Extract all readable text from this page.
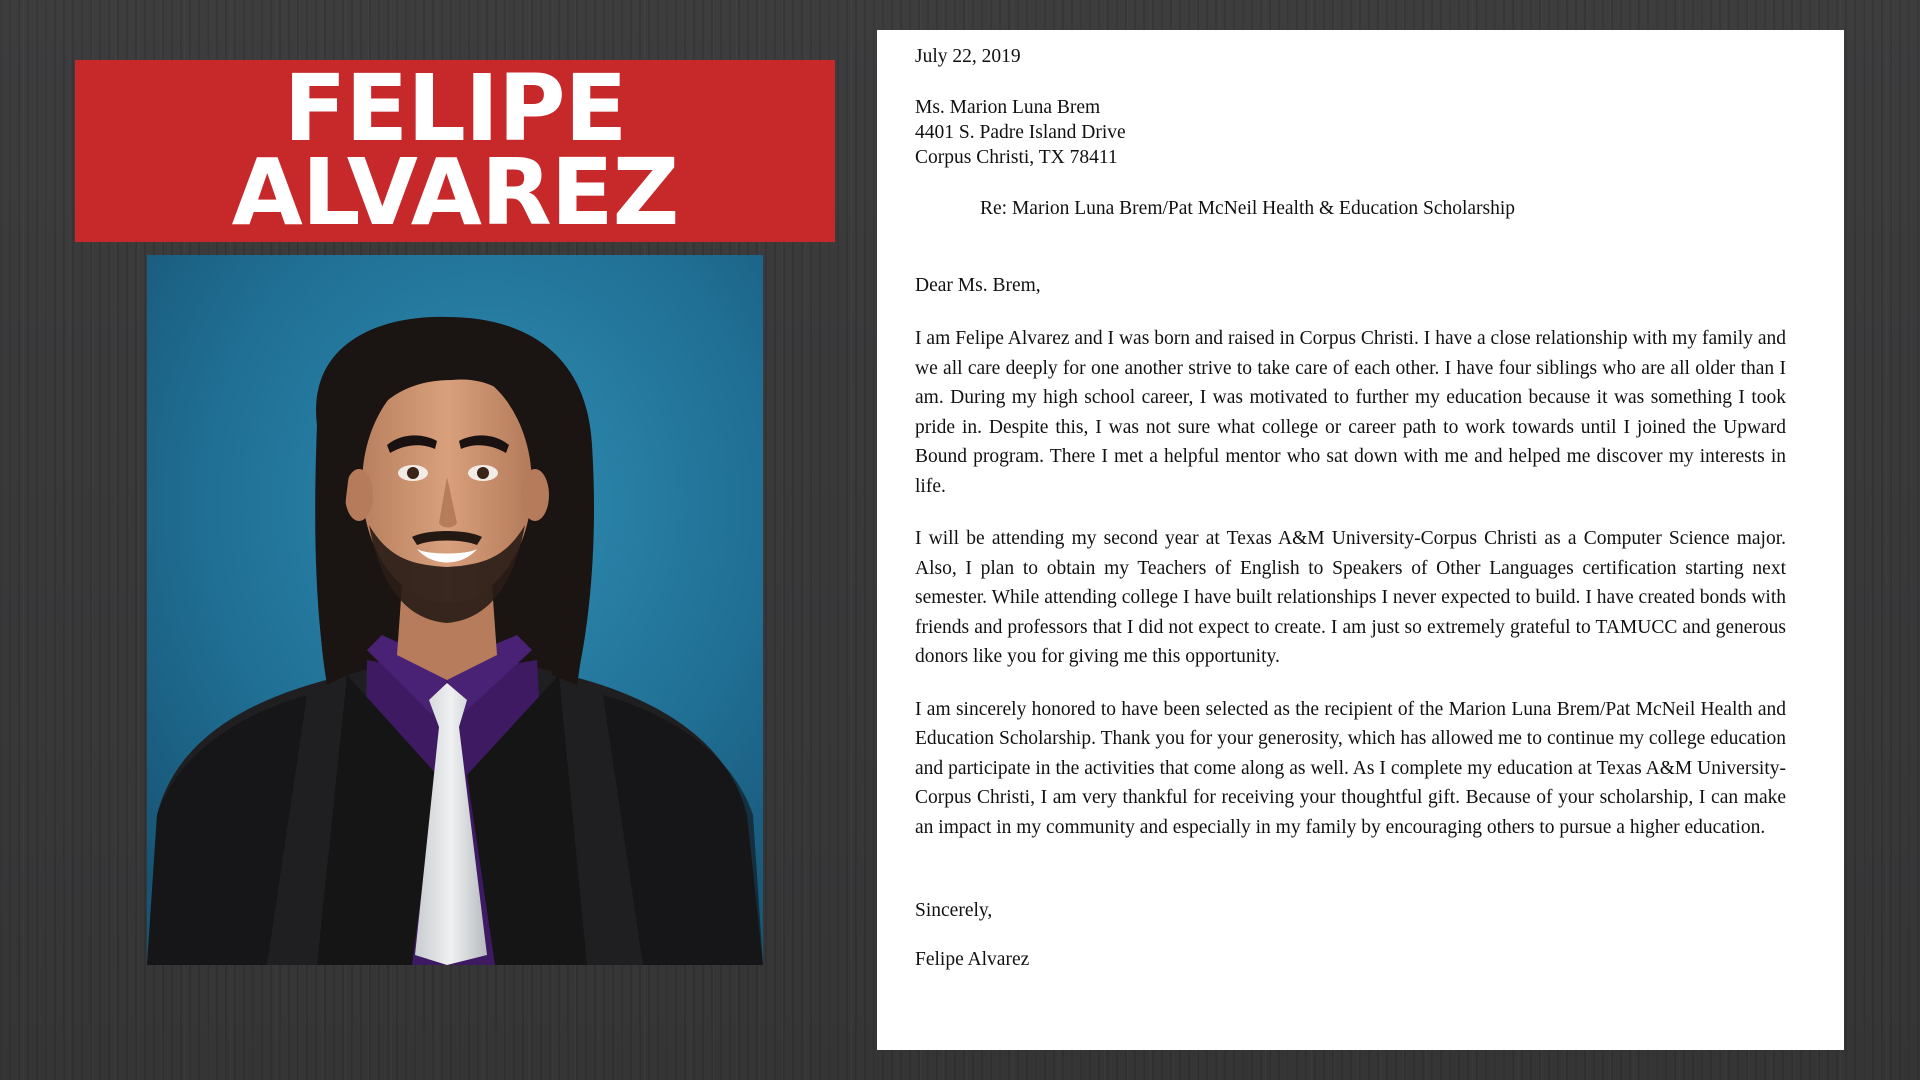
FELIPE
ALVAREZ

July 22, 2019

Ms. Marion Luna Brem

4401 S. Padre Island Drive

Corpus Christi, TX 78411

Re: Marion Luna Brem/Pat McNeil Health & Education Scholarship

Dear Ms. Brem,

I am Felipe Alvarez and I was born and raised in Corpus Christi. I have a close relationship with my family and we all care deeply for one another strive to take care of each other. I have four siblings who are all older than I am. During my high school career, I was motivated to further my education because it was something I took pride in. Despite this, I was not sure what college or career path to work towards until I joined the Upward Bound program. There I met a helpful mentor who sat down with me and helped me discover my interests in life.

I will be attending my second year at Texas A&M University-Corpus Christi as a Computer Science major. Also, I plan to obtain my Teachers of English to Speakers of Other Languages certification starting next semester. While attending college I have built relationships I never expected to build. I have created bonds with friends and professors that I did not expect to create. I am just so extremely grateful to TAMUCC and generous donors like you for giving me this opportunity.

I am sincerely honored to have been selected as the recipient of the Marion Luna Brem/Pat McNeil Health and Education Scholarship. Thank you for your generosity, which has allowed me to continue my college education and participate in the activities that come along as well. As I complete my education at Texas A&M University-Corpus Christi, I am very thankful for receiving your thoughtful gift. Because of your scholarship, I can make an impact in my community and especially in my family by encouraging others to pursue a higher education.

Sincerely,

Felipe Alvarez
